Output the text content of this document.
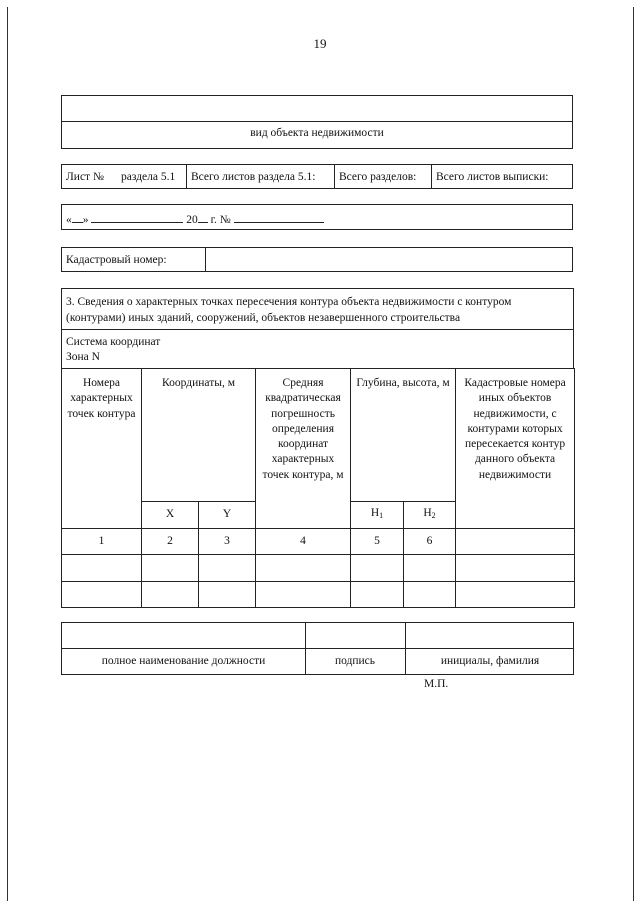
19
вид объекта недвижимости
Лист № раздела 5.1 Всего листов раздела 5.1: Всего разделов: Всего листов выписки:
« »	20 г. №
Кадастровый номер:
3. Сведения о характерных точках пересечения контура объекта недвижимости с контуром (контурами) иных зданий, сооружений, объектов незавершенного строительства
Система координат
Зона N
Номера характерных точек контура	Координаты, м		Средняя квадратическая погрешность определения координат характерных точек контура, м	Глубина, высота, м		Кадастровые номера иных объектов недвижимости, с контурами которых пересекается контур данного объекта недвижимости
	X	Y		$H_1$	$H_2$
1	2	3	4	5	6	

полное наименование должности	подпись	инициалы, фамилия
М.П.
